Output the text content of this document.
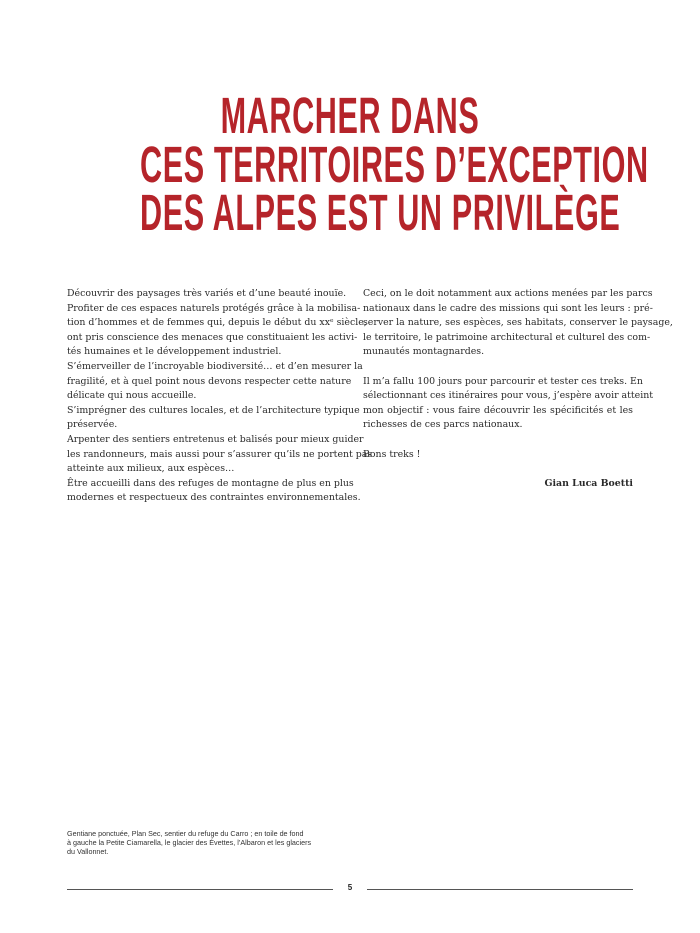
MARCHER DANS
CES TERRITOIRES D’EXCEPTION
DES ALPES EST UN PRIVILÈGE
Découvrir des paysages très variés et d’une beauté inouïe.
Profiter de ces espaces naturels protégés grâce à la mobilisa-
tion d’hommes et de femmes qui, depuis le début du xxᵉ siècle,
ont pris conscience des menaces que constituaient les activi-
tés humaines et le développement industriel.
S’émerveiller de l’incroyable biodiversité… et d’en mesurer la
fragilité, et à quel point nous devons respecter cette nature
délicate qui nous accueille.
S’imprégner des cultures locales, et de l’architecture typique
préservée.
Arpenter des sentiers entretenus et balisés pour mieux guider
les randonneurs, mais aussi pour s’assurer qu’ils ne portent pas
atteinte aux milieux, aux espèces…
Être accueilli dans des refuges de montagne de plus en plus
modernes et respectueux des contraintes environnementales.
Ceci, on le doit notamment aux actions menées par les parcs
nationaux dans le cadre des missions qui sont les leurs : pré-
server la nature, ses espèces, ses habitats, conserver le paysage,
le territoire, le patrimoine architectural et culturel des com-
munautés montagnardes.
Il m’a fallu 100 jours pour parcourir et tester ces treks. En
sélectionnant ces itinéraires pour vous, j’espère avoir atteint
mon objectif : vous faire découvrir les spécificités et les
richesses de ces parcs nationaux.
Bons treks !
Gian Luca Boetti
Gentiane ponctuée, Plan Sec, sentier du refuge du Carro ; en toile de fond
à gauche la Petite Ciamarella, le glacier des Évettes, l’Albaron et les glaciers
du Vallonnet.
5
